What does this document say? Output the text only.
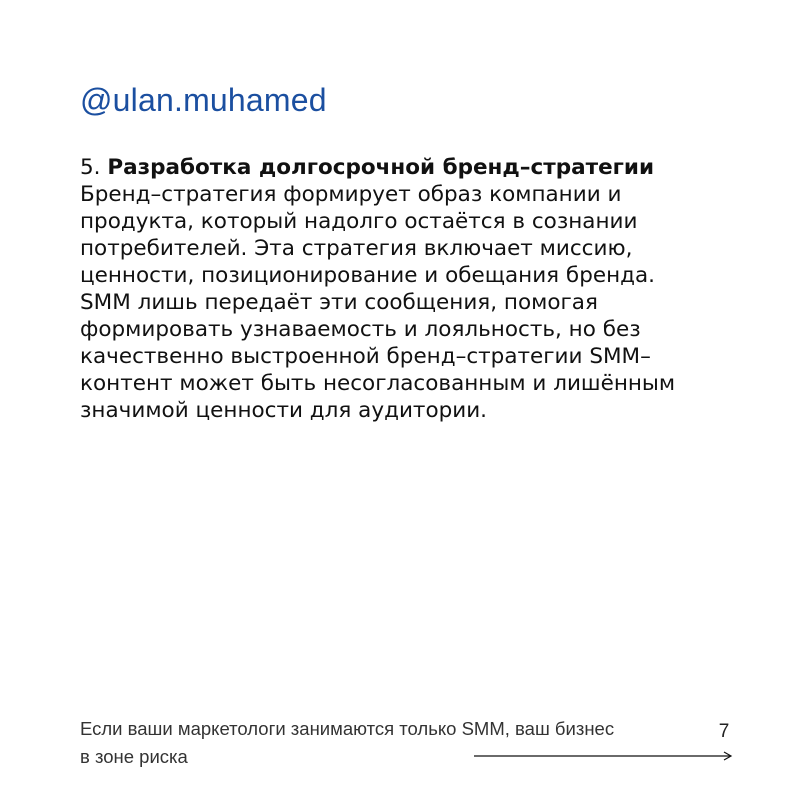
@ulan.muhamed
5. Разработка долгосрочной бренд–стратегии
Бренд–стратегия формирует образ компании и
продукта, который надолго остаётся в сознании
потребителей. Эта стратегия включает миссию,
ценности, позиционирование и обещания бренда.
SMM лишь передаёт эти сообщения, помогая
формировать узнаваемость и лояльность, но без
качественно выстроенной бренд–стратегии SMM–
контент может быть несогласованным и лишённым
значимой ценности для аудитории.
Если ваши маркетологи занимаются только SMM, ваш бизнес
в зоне риска
7
